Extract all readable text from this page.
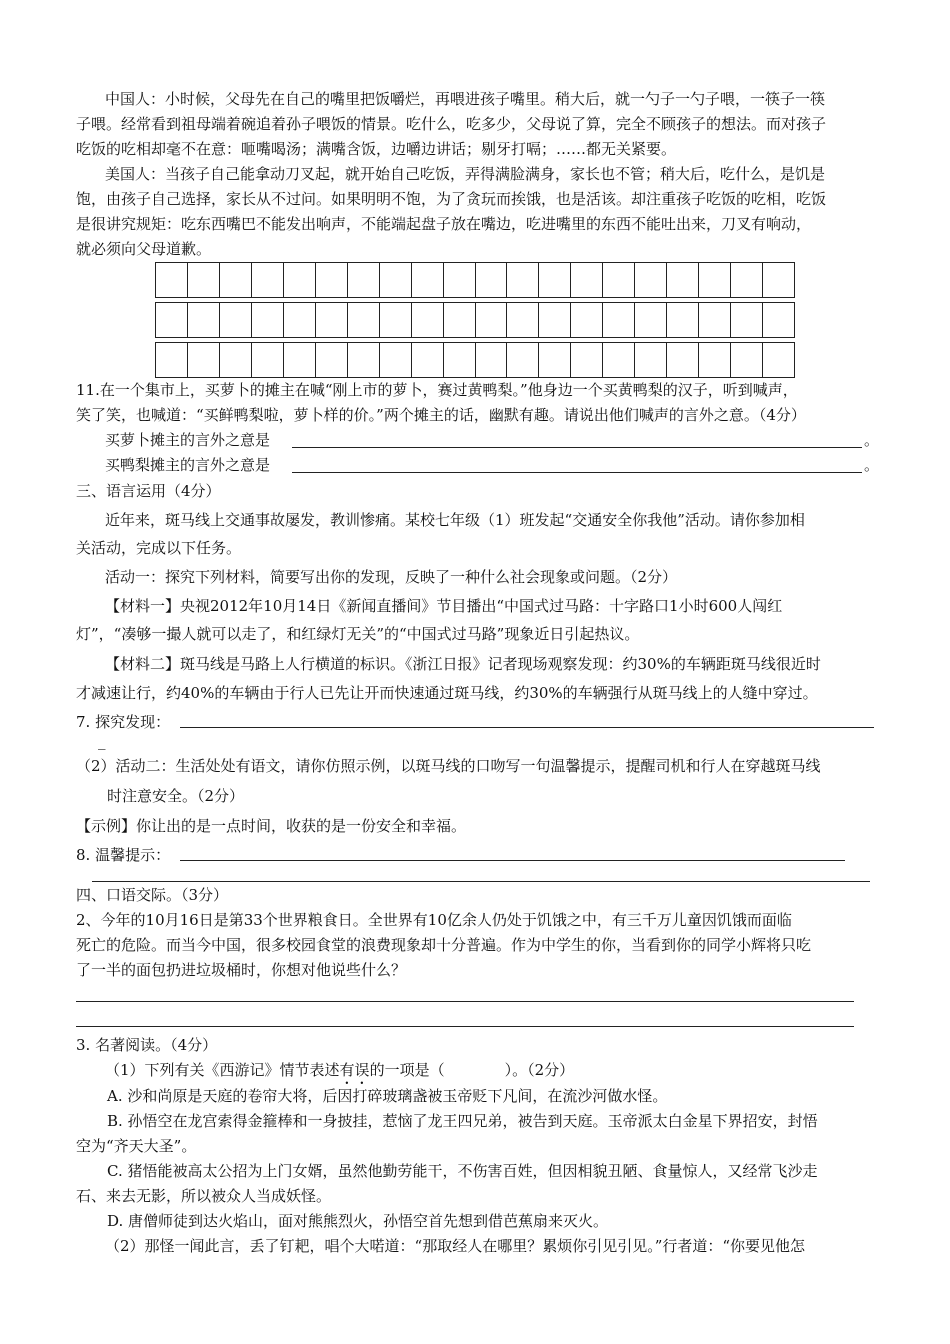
中国人：小时候，父母先在自己的嘴里把饭嚼烂，再喂进孩子嘴里。稍大后，就一勺子一勺子喂，一筷子一筷
子喂。经常看到祖母端着碗追着孙子喂饭的情景。吃什么，吃多少，父母说了算，完全不顾孩子的想法。而对孩子
吃饭的吃相却毫不在意：咂嘴喝汤；满嘴含饭，边嚼边讲话；剔牙打嗝；……都无关紧要。
美国人：当孩子自己能拿动刀叉起，就开始自己吃饭，弄得满脸满身，家长也不管；稍大后，吃什么，是饥是
饱，由孩子自己选择，家长从不过问。如果明明不饱，为了贪玩而挨饿，也是活该。却注重孩子吃饭的吃相，吃饭
是很讲究规矩：吃东西嘴巴不能发出响声，不能端起盘子放在嘴边，吃进嘴里的东西不能吐出来，刀叉有响动，
就必须向父母道歉。
11.在一个集市上，买萝卜的摊主在喊“刚上市的萝卜，赛过黄鸭梨。”他身边一个买黄鸭梨的汉子，听到喊声，
笑了笑，也喊道：“买鲜鸭梨啦，萝卜样的价。”两个摊主的话，幽默有趣。请说出他们喊声的言外之意。（4分）
买萝卜摊主的言外之意是	。
买鸭梨摊主的言外之意是	。
三、语言运用（4分）
近年来，斑马线上交通事故屡发，教训惨痛。某校七年级（1）班发起“交通安全你我他”活动。请你参加相
关活动，完成以下任务。
活动一：探究下列材料，简要写出你的发现，反映了一种什么社会现象或问题。（2分）
【材料一】央视2012年10月14日《新闻直播间》节目播出“中国式过马路：十字路口1小时600人闯红
灯”，“凑够一撮人就可以走了，和红绿灯无关”的“中国式过马路”现象近日引起热议。
【材料二】斑马线是马路上人行横道的标识。《浙江日报》记者现场观察发现：约30%的车辆距斑马线很近时
才减速让行，约40%的车辆由于行人已先让开而快速通过斑马线，约30%的车辆强行从斑马线上的人缝中穿过。
7. 探究发现：
_
（2）活动二：生活处处有语文，请你仿照示例，以斑马线的口吻写一句温馨提示，提醒司机和行人在穿越斑马线
时注意安全。（2分）
【示例】你让出的是一点时间，收获的是一份安全和幸福。
8. 温馨提示：
四、口语交际。（3分）
2、今年的10月16日是第33个世界粮食日。全世界有10亿余人仍处于饥饿之中，有三千万儿童因饥饿而面临
死亡的危险。而当今中国，很多校园食堂的浪费现象却十分普遍。作为中学生的你，当看到你的同学小辉将只吃
了一半的面包扔进垃圾桶时，你想对他说些什么？
3. 名著阅读。（4分）
（1）下列有关《西游记》情节表述有误的一项是（　　　　）。（2分）
A. 沙和尚原是天庭的卷帘大将，后因打碎玻璃盏被玉帝贬下凡间，在流沙河做水怪。
B. 孙悟空在龙宫索得金箍棒和一身披挂，惹恼了龙王四兄弟，被告到天庭。玉帝派太白金星下界招安，封悟
空为“齐天大圣”。
C. 猪悟能被高太公招为上门女婿，虽然他勤劳能干，不伤害百姓，但因相貌丑陋、食量惊人，又经常飞沙走
石、来去无影，所以被众人当成妖怪。
D. 唐僧师徒到达火焰山，面对熊熊烈火，孙悟空首先想到借芭蕉扇来灭火。
（2）那怪一闻此言，丢了钉耙，唱个大喏道：“那取经人在哪里？累烦你引见引见。”行者道：“你要见他怎
